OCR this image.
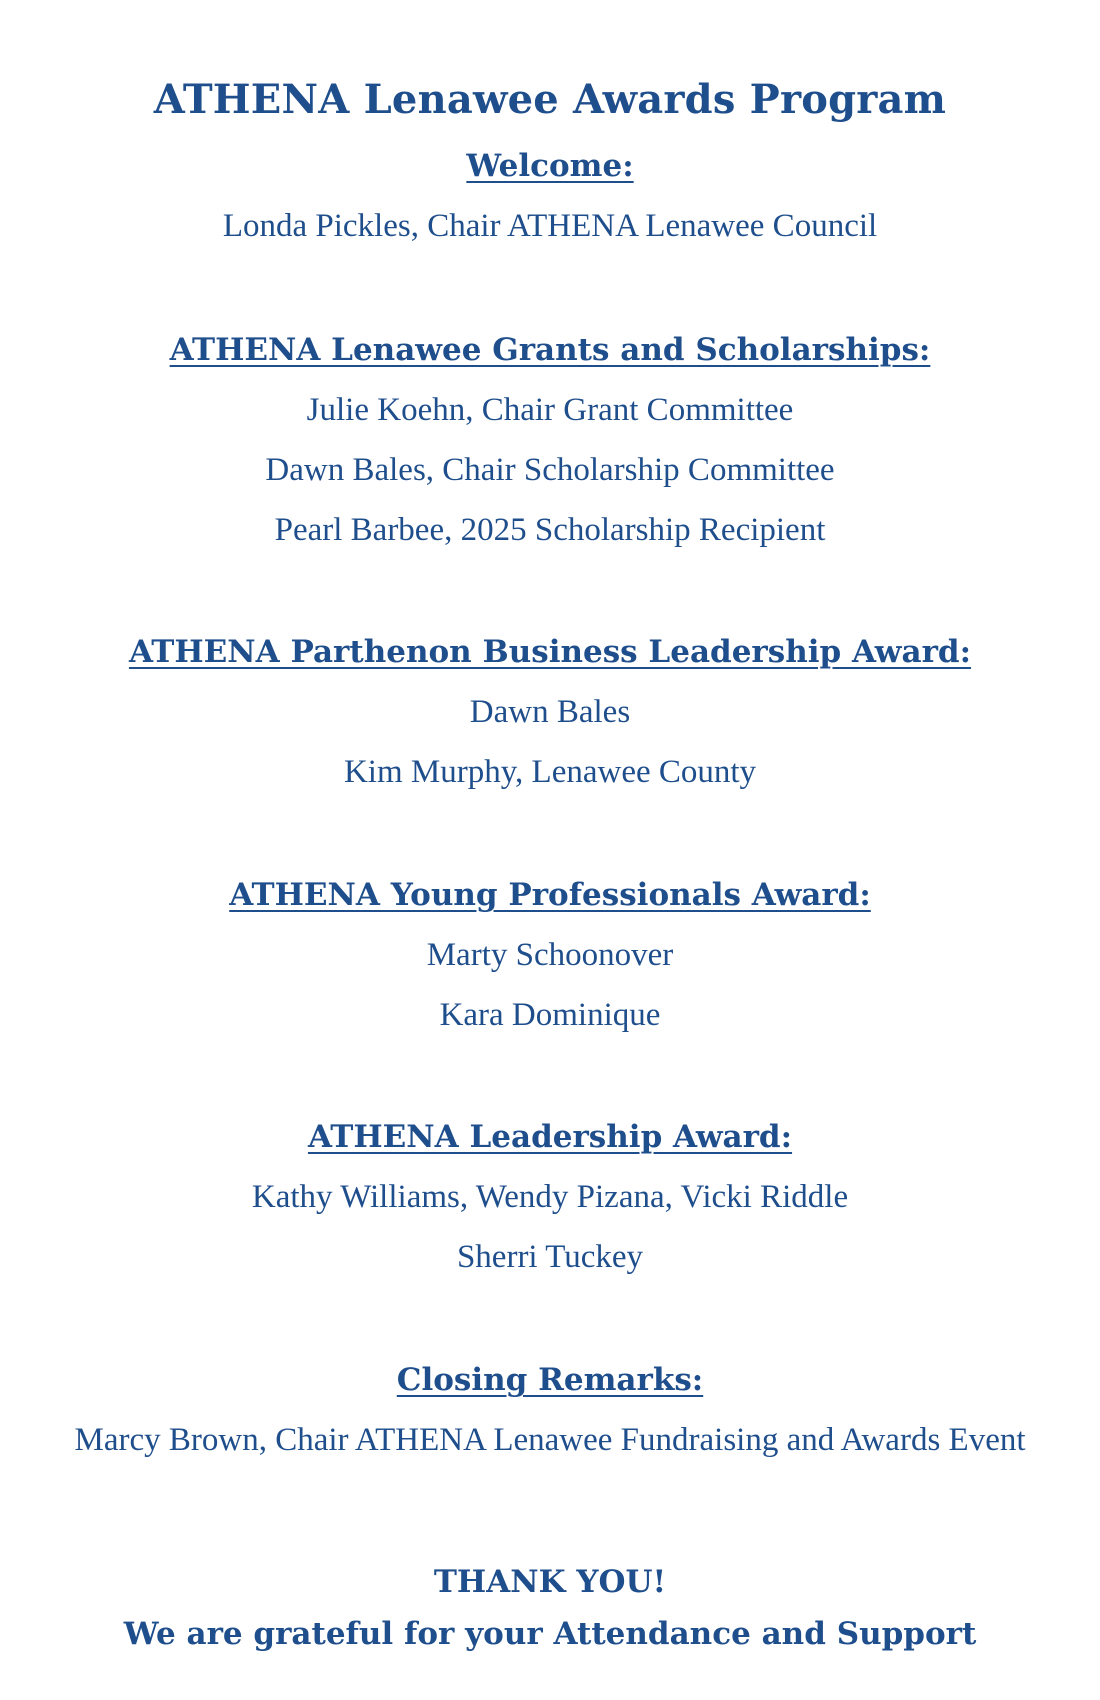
ATHENA Lenawee Awards Program
Welcome:
Londa Pickles, Chair ATHENA Lenawee Council
ATHENA Lenawee Grants and Scholarships:
Julie Koehn, Chair Grant Committee
Dawn Bales, Chair Scholarship Committee
Pearl Barbee, 2025 Scholarship Recipient
ATHENA Parthenon Business Leadership Award:
Dawn Bales
Kim Murphy, Lenawee County
ATHENA Young Professionals Award:
Marty Schoonover
Kara Dominique
ATHENA Leadership Award:
Kathy Williams, Wendy Pizana, Vicki Riddle
Sherri Tuckey
Closing Remarks:
Marcy Brown, Chair ATHENA Lenawee Fundraising and Awards Event
THANK YOU!
We are grateful for your Attendance and Support
